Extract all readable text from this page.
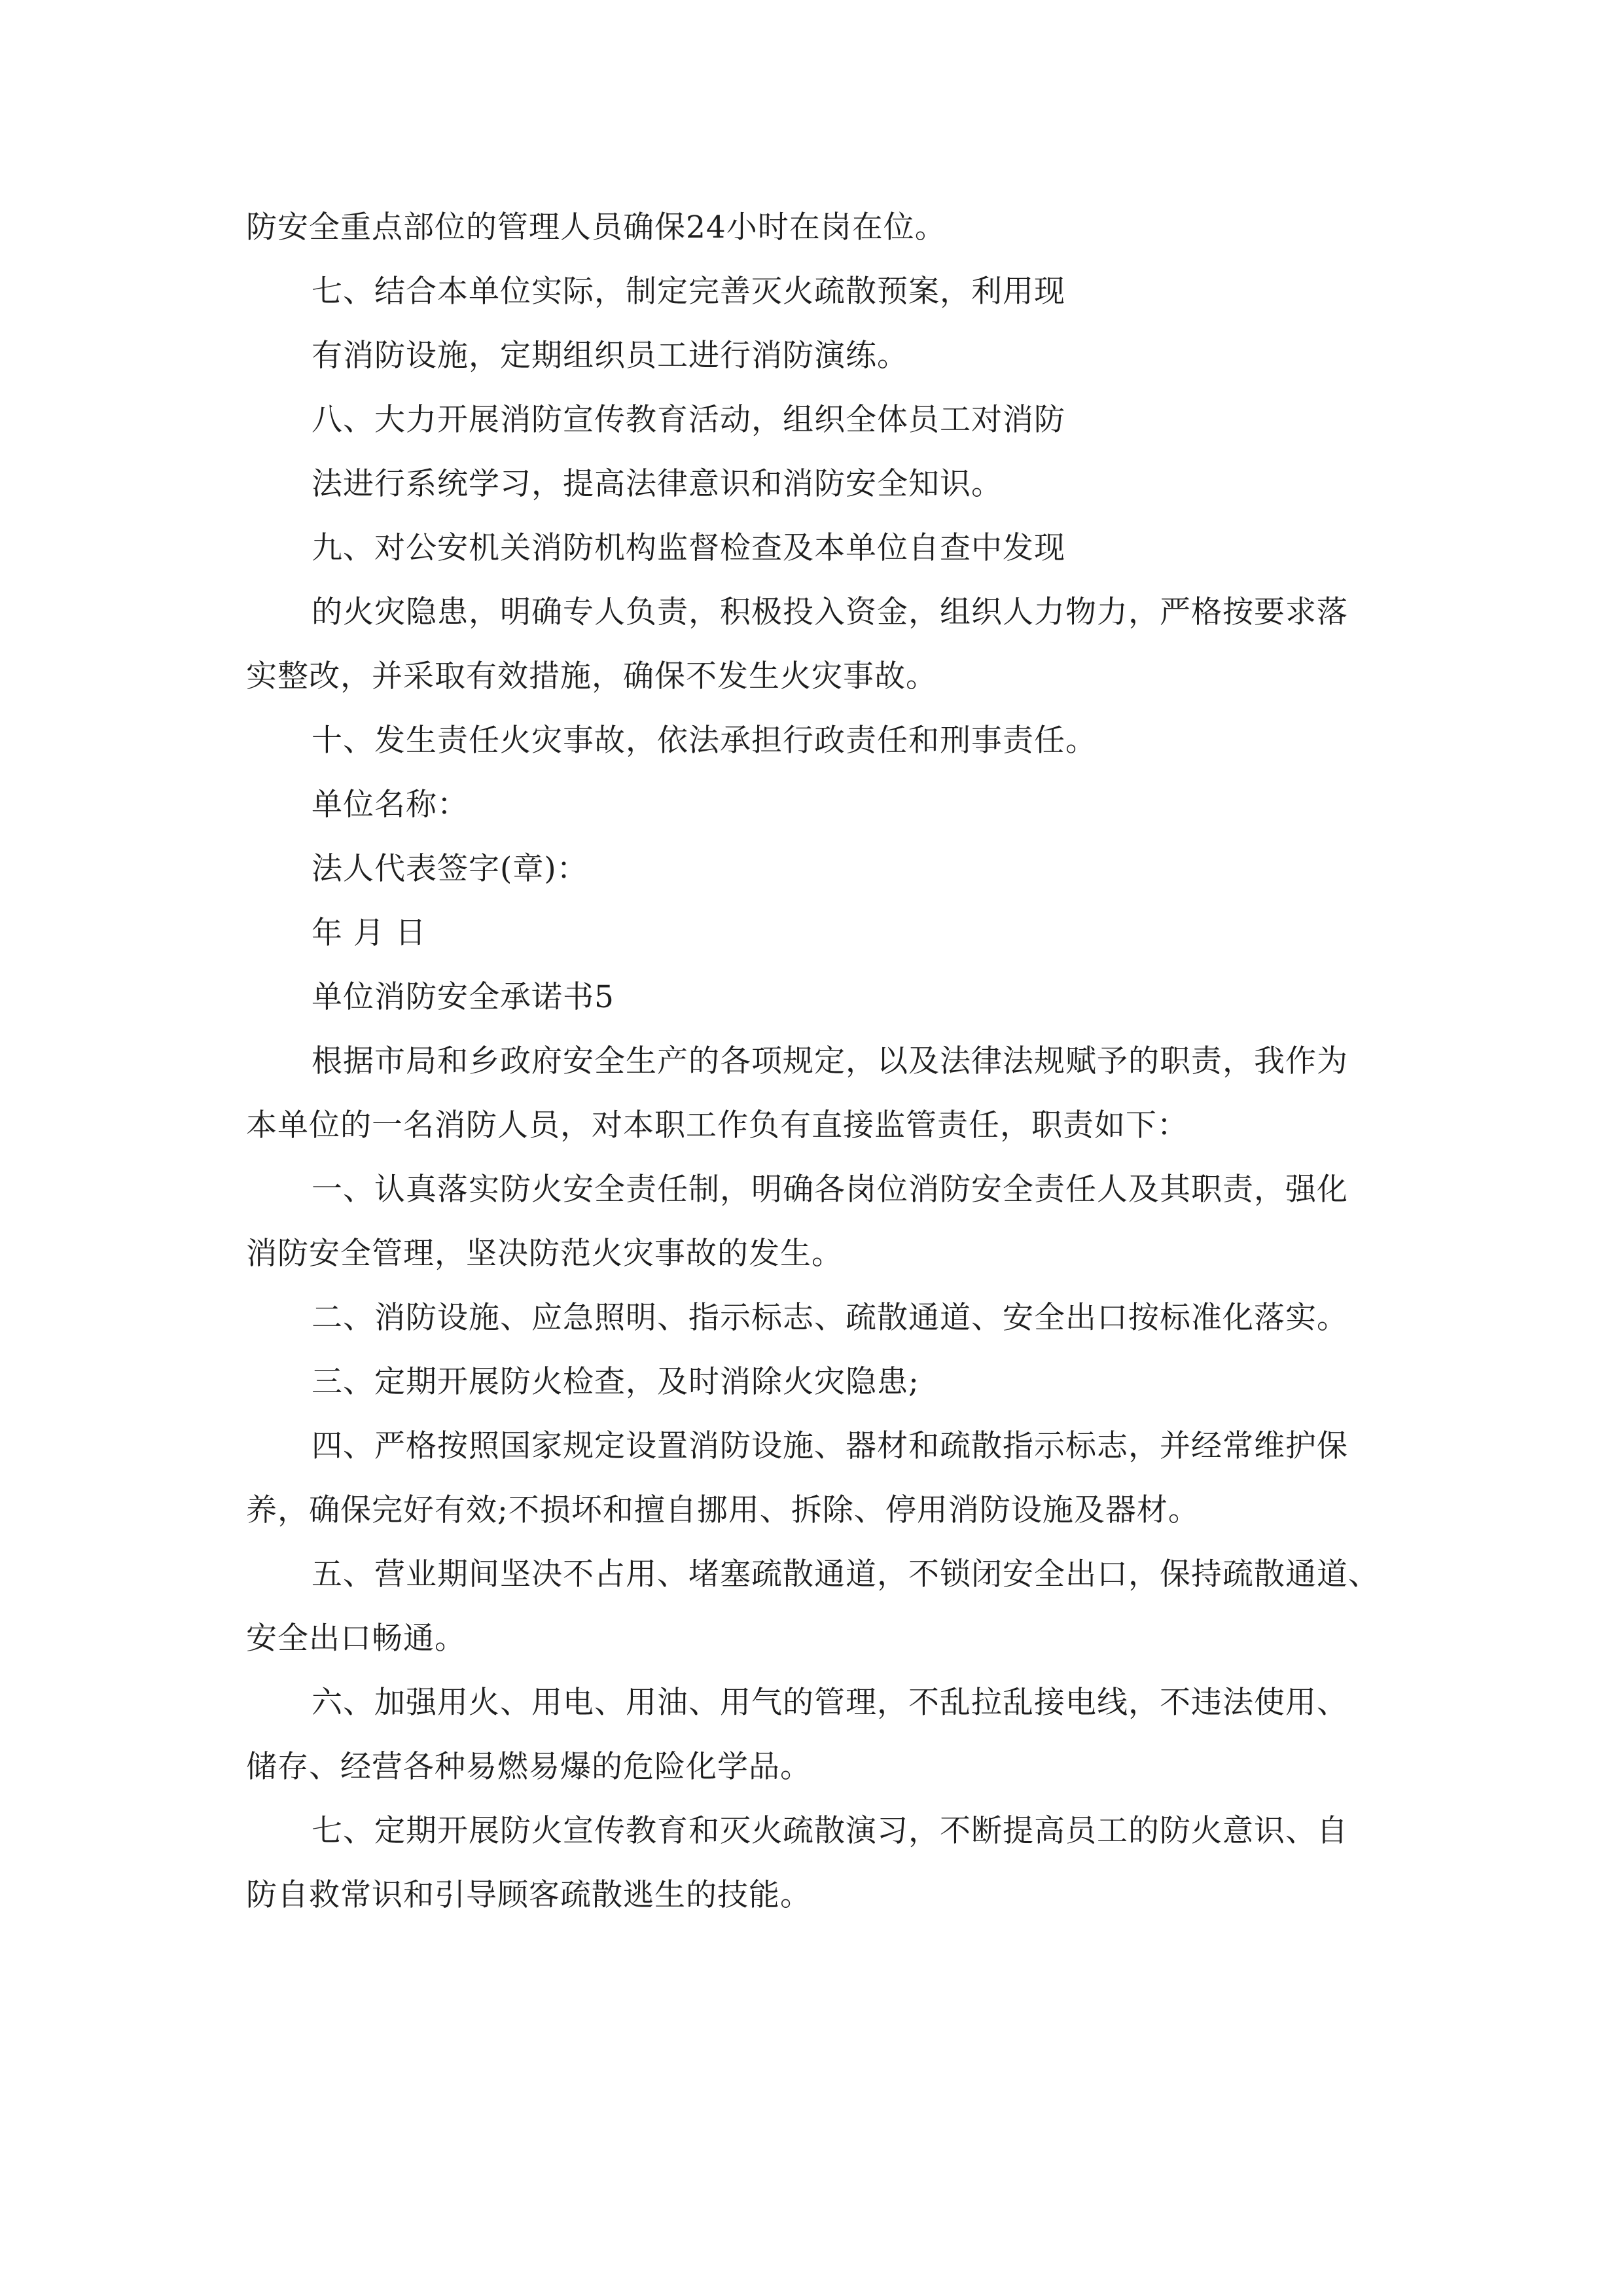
防安全重点部位的管理人员确保24小时在岗在位。
七、结合本单位实际，制定完善灭火疏散预案，利用现
有消防设施，定期组织员工进行消防演练。
八、大力开展消防宣传教育活动，组织全体员工对消防
法进行系统学习，提高法律意识和消防安全知识。
九、对公安机关消防机构监督检查及本单位自查中发现
的火灾隐患，明确专人负责，积极投入资金，组织人力物力，严格按要求落
实整改，并采取有效措施，确保不发生火灾事故。
十、发生责任火灾事故，依法承担行政责任和刑事责任。
单位名称：
法人代表签字(章)：
年 月 日
单位消防安全承诺书5
根据市局和乡政府安全生产的各项规定，以及法律法规赋予的职责，我作为
本单位的一名消防人员，对本职工作负有直接监管责任，职责如下：
一、认真落实防火安全责任制，明确各岗位消防安全责任人及其职责，强化
消防安全管理，坚决防范火灾事故的发生。
二、消防设施、应急照明、指示标志、疏散通道、安全出口按标准化落实。
三、定期开展防火检查，及时消除火灾隐患;
四、严格按照国家规定设置消防设施、器材和疏散指示标志，并经常维护保
养，确保完好有效;不损坏和擅自挪用、拆除、停用消防设施及器材。
五、营业期间坚决不占用、堵塞疏散通道，不锁闭安全出口，保持疏散通道、
安全出口畅通。
六、加强用火、用电、用油、用气的管理，不乱拉乱接电线，不违法使用、
储存、经营各种易燃易爆的危险化学品。
七、定期开展防火宣传教育和灭火疏散演习，不断提高员工的防火意识、自
防自救常识和引导顾客疏散逃生的技能。
